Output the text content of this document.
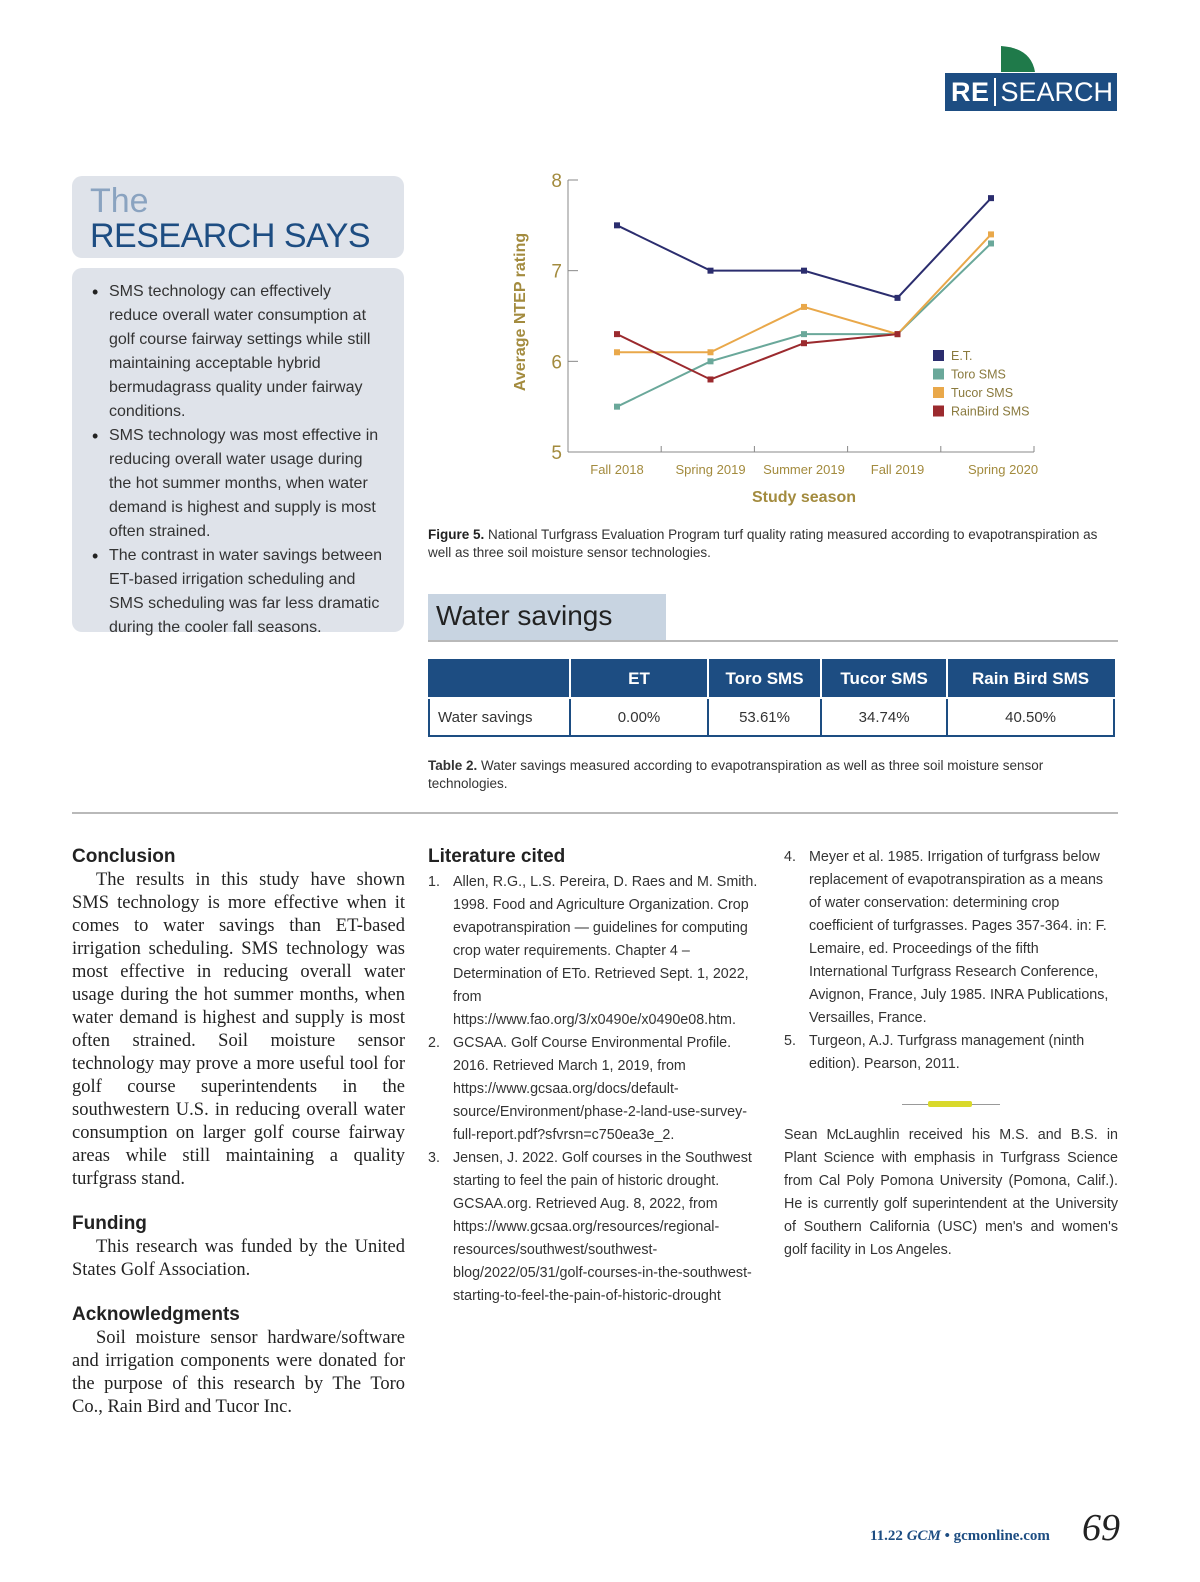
RE SEARCH
The
RESEARCH SAYS
• SMS technology can effectively reduce overall water consumption at golf course fairway settings while still maintaining acceptable hybrid bermudagrass quality under fairway conditions.
• SMS technology was most effective in reducing overall water usage during the hot summer months, when water demand is highest and supply is most often strained.
• The contrast in water savings between ET-based irrigation scheduling and SMS scheduling was far less dramatic during the cooler fall seasons.
5
6
7
8
Fall 2018 Spring 2019 Summer 2019 Fall 2019	Spring 2020
Study season
Average NTEP rating	E.T.
Toro SMS
Tucor SMS
RainBird SMS
Figure 5. National Turfgrass Evaluation Program turf quality rating measured according to evapotranspiration as well as three soil moisture sensor technologies.
Water savings
	ET	Toro SMS	Tucor SMS	Rain Bird SMS
Water savings	0.00%	53.61%	34.74%	40.50%
Table 2. Water savings measured according to evapotranspiration as well as three soil moisture sensor technologies.
Conclusion

The results in this study have shown SMS technology is more effective when it comes to water savings than ET-based irrigation scheduling. SMS technology was most effective in reducing overall water usage during the hot summer months, when water demand is highest and supply is most often strained. Soil moisture sensor technology may prove a more useful tool for golf course superintendents in the southwestern U.S. in reducing overall water consumption on larger golf course fairway areas while still maintaining a quality turfgrass stand.

Funding

This research was funded by the United States Golf Association.

Acknowledgments

Soil moisture sensor hardware/software and irrigation components were donated for the purpose of this research by The Toro Co., Rain Bird and Tucor Inc.

Literature cited
1. Allen, R.G., L.S. Pereira, D. Raes and M. Smith. 1998. Food and Agriculture Organization. Crop evapotranspiration — guidelines for computing crop water requirements. Chapter 4 – Determination of ETo. Retrieved Sept. 1, 2022, from https://www.fao.org/3/x0490e/x0490e08.htm.
2. GCSAA. Golf Course Environmental Profile. 2016. Retrieved March 1, 2019, from https://www.gcsaa.org/docs/default-source/Environment/phase-2-land-use-survey-full-report.pdf?sfvrsn=c750ea3e_2.
3. Jensen, J. 2022. Golf courses in the Southwest starting to feel the pain of historic drought. GCSAA.org. Retrieved Aug. 8, 2022, from https://www.gcsaa.org/resources/regional-resources/southwest/southwest-blog/2022/05/31/golf-courses-in-the-southwest-starting-to-feel-the-pain-of-historic-drought
4. Meyer et al. 1985. Irrigation of turfgrass below replacement of evapotranspiration as a means of water conservation: determining crop coefficient of turfgrasses. Pages 357-364. in: F. Lemaire, ed. Proceedings of the fifth International Turfgrass Research Conference, Avignon, France, July 1985. INRA Publications, Versailles, France.
5. Turgeon, A.J. Turfgrass management (ninth edition). Pearson, 2011.
Sean McLaughlin received his M.S. and B.S. in Plant Science with emphasis in Turfgrass Science from Cal Poly Pomona University (Pomona, Calif.). He is currently golf superintendent at the University of Southern California (USC) men's and women's golf facility in Los Angeles.
11.22 GCM • gcmonline.com 69
